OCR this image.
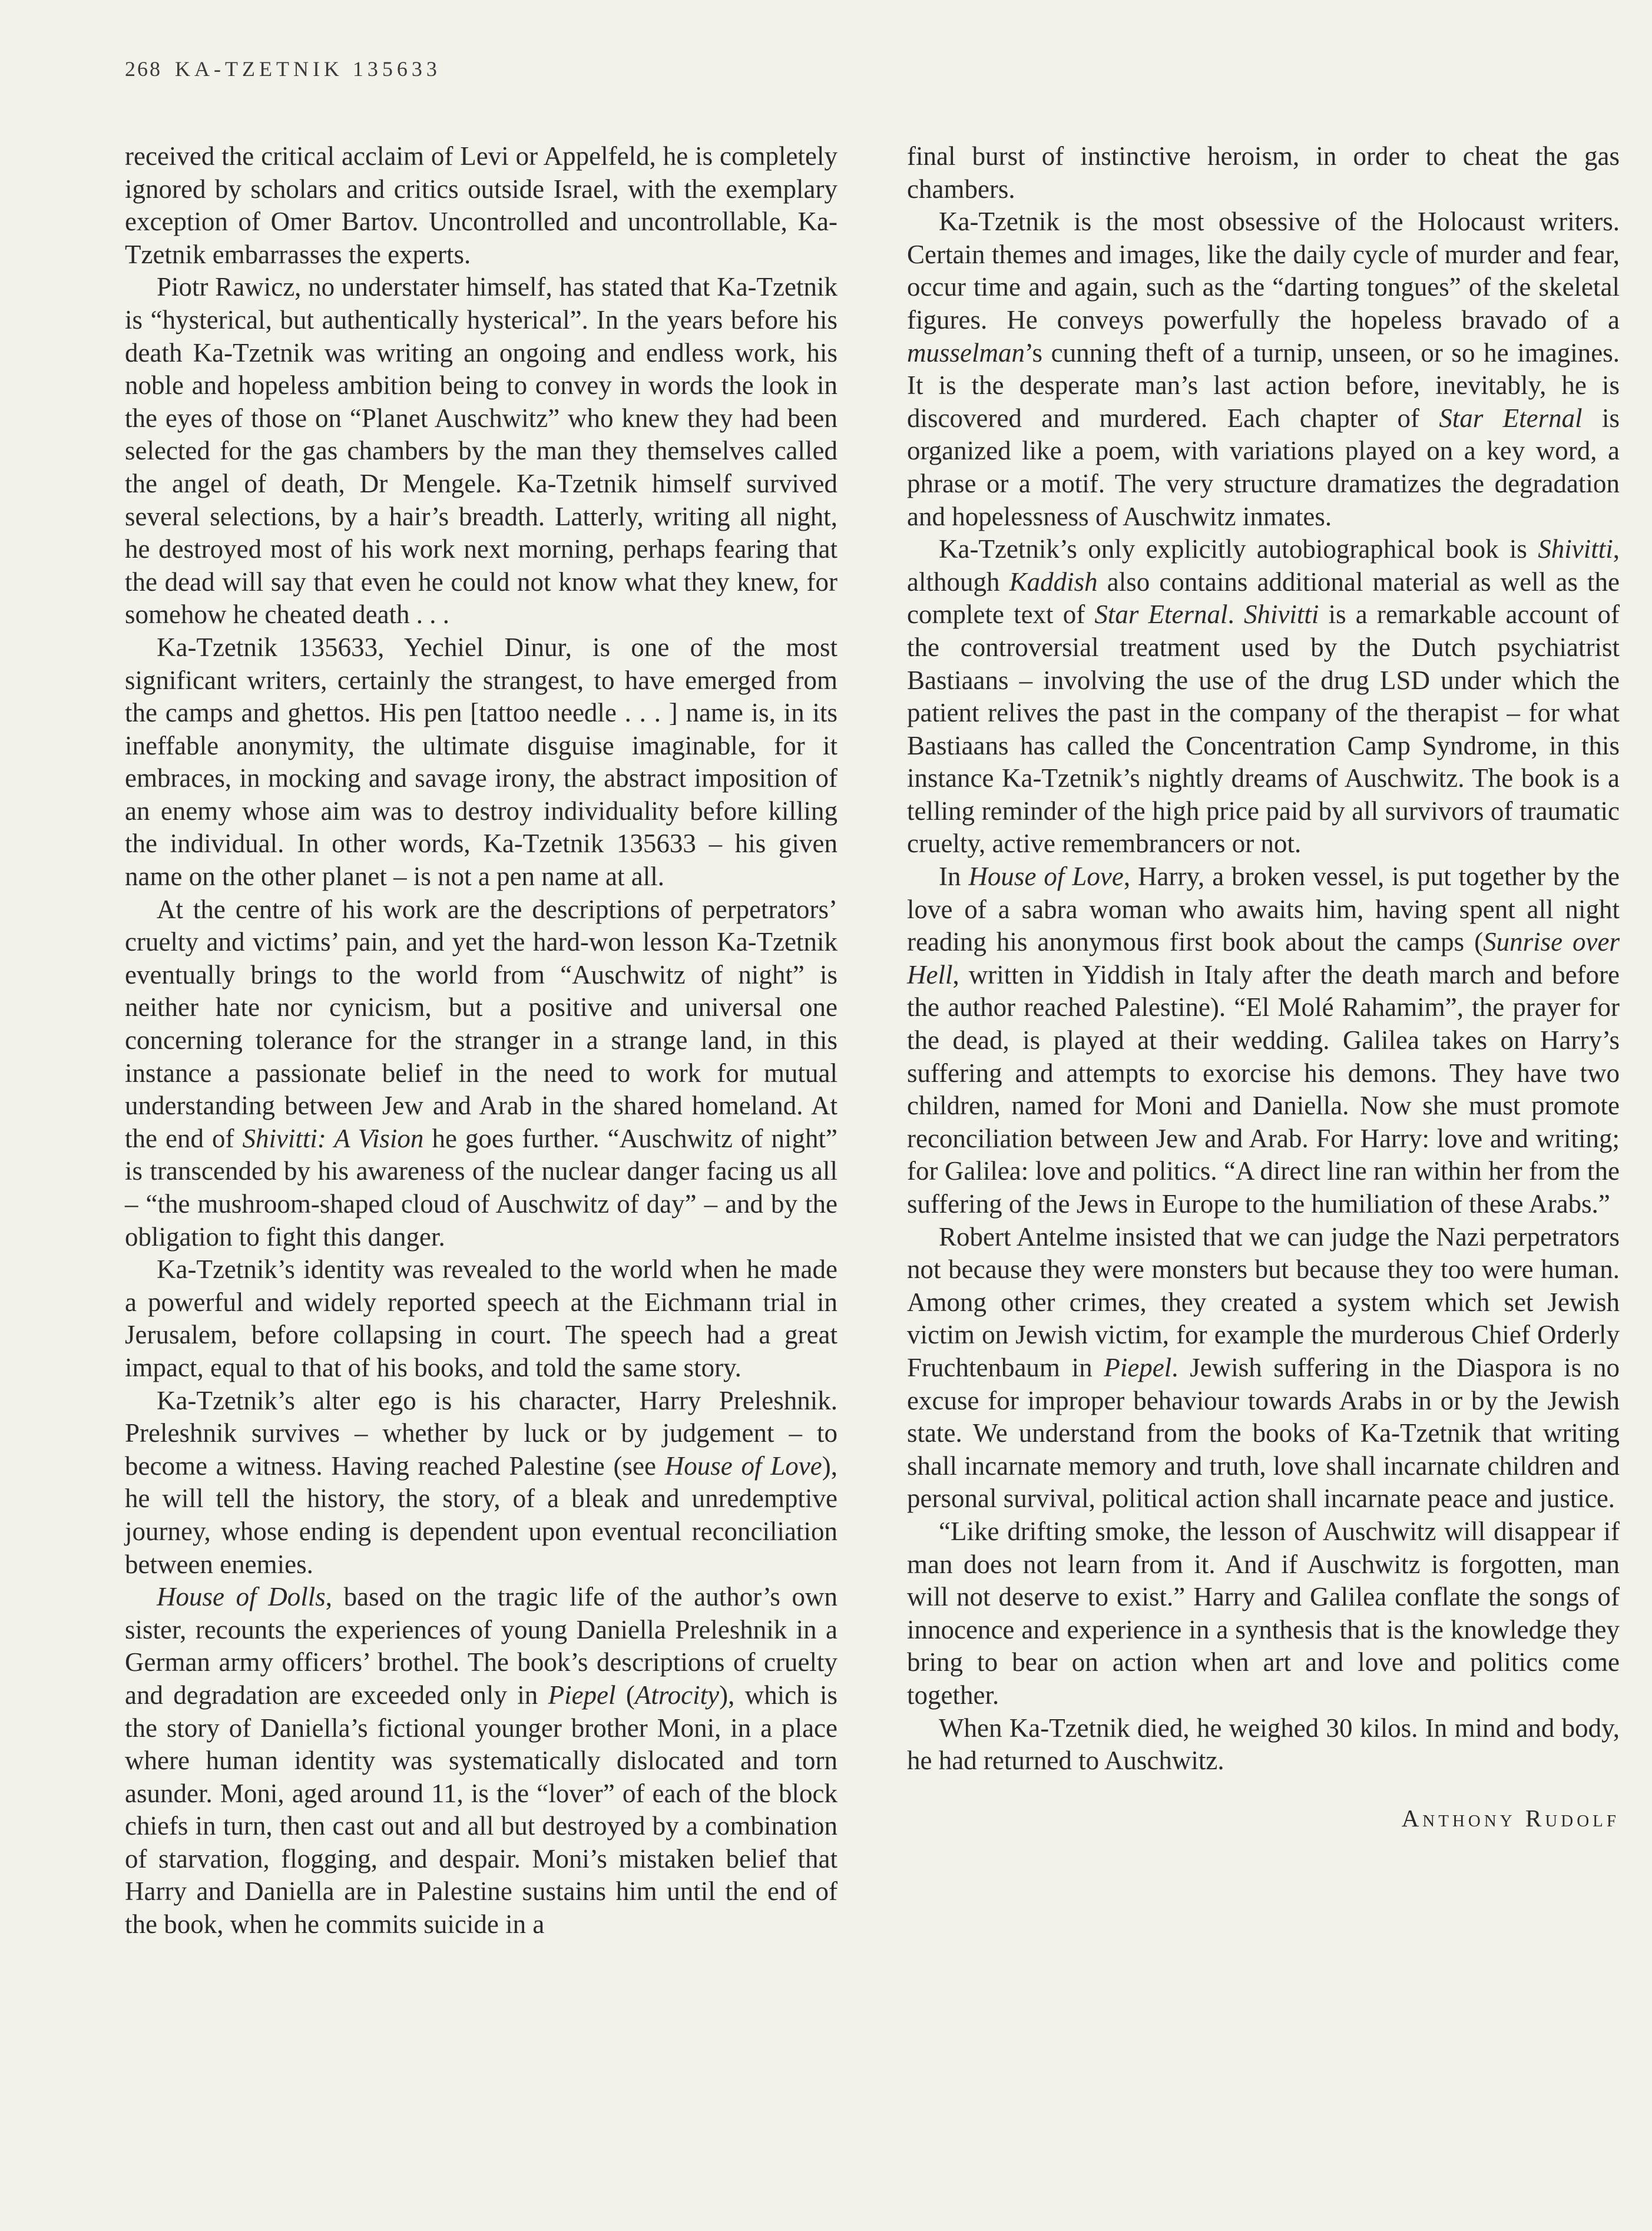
268 KA-TZETNIK 135633

received the critical acclaim of Levi or Appelfeld, he is completely ignored by scholars and critics outside Israel, with the exemplary exception of Omer Bartov. Uncontrolled and uncontrollable, Ka-Tzetnik embarrasses the experts.

Piotr Rawicz, no understater himself, has stated that Ka-Tzetnik is “hysterical, but authentically hysterical”. In the years before his death Ka-Tzetnik was writing an ongoing and endless work, his noble and hopeless ambition being to convey in words the look in the eyes of those on “Planet Auschwitz” who knew they had been selected for the gas chambers by the man they themselves called the angel of death, Dr Mengele. Ka-Tzetnik himself survived several selections, by a hair’s breadth. Latterly, writing all night, he destroyed most of his work next morning, perhaps fearing that the dead will say that even he could not know what they knew, for somehow he cheated death . . .

Ka-Tzetnik 135633, Yechiel Dinur, is one of the most significant writers, certainly the strangest, to have emerged from the camps and ghettos. His pen [tattoo needle . . . ] name is, in its ineffable anonymity, the ultimate disguise imaginable, for it embraces, in mocking and savage irony, the abstract imposition of an enemy whose aim was to destroy individuality before killing the individual. In other words, Ka-Tzetnik 135633 – his given name on the other planet – is not a pen name at all.

At the centre of his work are the descriptions of perpetrators’ cruelty and victims’ pain, and yet the hard-won lesson Ka-Tzetnik eventually brings to the world from “Auschwitz of night” is neither hate nor cynicism, but a positive and universal one concerning tolerance for the stranger in a strange land, in this instance a passionate belief in the need to work for mutual understanding between Jew and Arab in the shared homeland. At the end of Shivitti: A Vision he goes further. “Auschwitz of night” is transcended by his awareness of the nuclear danger facing us all – “the mushroom-shaped cloud of Auschwitz of day” – and by the obligation to fight this danger.

Ka-Tzetnik’s identity was revealed to the world when he made a powerful and widely reported speech at the Eichmann trial in Jerusalem, before collapsing in court. The speech had a great impact, equal to that of his books, and told the same story.

Ka-Tzetnik’s alter ego is his character, Harry Preleshnik. Preleshnik survives – whether by luck or by judgement – to become a witness. Having reached Palestine (see House of Love), he will tell the history, the story, of a bleak and unredemptive journey, whose ending is dependent upon eventual reconciliation between enemies.

House of Dolls, based on the tragic life of the author’s own sister, recounts the experiences of young Daniella Preleshnik in a German army officers’ brothel. The book’s descriptions of cruelty and degradation are exceeded only in Piepel (Atrocity), which is the story of Daniella’s fictional younger brother Moni, in a place where human identity was systematically dislocated and torn asunder. Moni, aged around 11, is the “lover” of each of the block chiefs in turn, then cast out and all but destroyed by a combination of starvation, flogging, and despair. Moni’s mistaken belief that Harry and Daniella are in Palestine sustains him until the end of the book, when he commits suicide in a

final burst of instinctive heroism, in order to cheat the gas chambers.

Ka-Tzetnik is the most obsessive of the Holocaust writers. Certain themes and images, like the daily cycle of murder and fear, occur time and again, such as the “darting tongues” of the skeletal figures. He conveys powerfully the hopeless bravado of a musselman’s cunning theft of a turnip, unseen, or so he imagines. It is the desperate man’s last action before, inevitably, he is discovered and murdered. Each chapter of Star Eternal is organized like a poem, with variations played on a key word, a phrase or a motif. The very structure dramatizes the degradation and hopelessness of Auschwitz inmates.

Ka-Tzetnik’s only explicitly autobiographical book is Shivitti, although Kaddish also contains additional material as well as the complete text of Star Eternal. Shivitti is a remarkable account of the controversial treatment used by the Dutch psychiatrist Bastiaans – involving the use of the drug LSD under which the patient relives the past in the company of the therapist – for what Bastiaans has called the Concentration Camp Syndrome, in this instance Ka-Tzetnik’s nightly dreams of Auschwitz. The book is a telling reminder of the high price paid by all survivors of traumatic cruelty, active remembrancers or not.

In House of Love, Harry, a broken vessel, is put together by the love of a sabra woman who awaits him, having spent all night reading his anonymous first book about the camps (Sunrise over Hell, written in Yiddish in Italy after the death march and before the author reached Palestine). “El Molé Rahamim”, the prayer for the dead, is played at their wedding. Galilea takes on Harry’s suffering and attempts to exorcise his demons. They have two children, named for Moni and Daniella. Now she must promote reconciliation between Jew and Arab. For Harry: love and writing; for Galilea: love and politics. “A direct line ran within her from the suffering of the Jews in Europe to the humiliation of these Arabs.”

Robert Antelme insisted that we can judge the Nazi perpetrators not because they were monsters but because they too were human. Among other crimes, they created a system which set Jewish victim on Jewish victim, for example the murderous Chief Orderly Fruchtenbaum in Piepel. Jewish suffering in the Diaspora is no excuse for improper behaviour towards Arabs in or by the Jewish state. We understand from the books of Ka-Tzetnik that writing shall incarnate memory and truth, love shall incarnate children and personal survival, political action shall incarnate peace and justice.

“Like drifting smoke, the lesson of Auschwitz will disappear if man does not learn from it. And if Auschwitz is forgotten, man will not deserve to exist.” Harry and Galilea conflate the songs of innocence and experience in a synthesis that is the knowledge they bring to bear on action when art and love and politics come together.

When Ka-Tzetnik died, he weighed 30 kilos. In mind and body, he had returned to Auschwitz.

Anthony Rudolf
